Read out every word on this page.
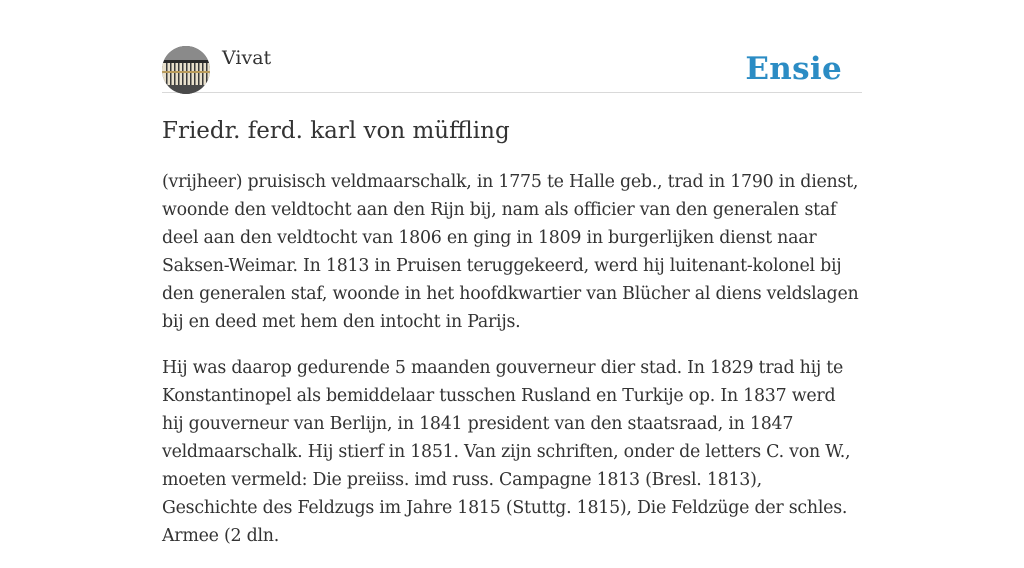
Vivat	Ensie
Friedr. ferd. karl von müffling

(vrijheer) pruisisch veldmaarschalk, in 1775 te Halle geb., trad in 1790 in dienst, woonde den veldtocht aan den Rijn bij, nam als officier van den generalen staf deel aan den veldtocht van 1806 en ging in 1809 in burgerlijken dienst naar Saksen-Weimar. In 1813 in Pruisen teruggekeerd, werd hij luitenant-kolonel bij den generalen staf, woonde in het hoofdkwartier van Blücher al diens veldslagen bij en deed met hem den intocht in Parijs.

Hij was daarop gedurende 5 maanden gouverneur dier stad. In 1829 trad hij te Konstantinopel als bemiddelaar tusschen Rusland en Turkije op. In 1837 werd hij gouverneur van Berlijn, in 1841 president van den staatsraad, in 1847 veldmaarschalk. Hij stierf in 1851. Van zijn schriften, onder de letters C. von W., moeten vermeld: Die preiiss. imd russ. Campagne 1813 (Bresl. 1813), Geschichte des Feldzugs im Jahre 1815 (Stuttg. 1815), Die Feldzüge der schles. Armee (2 dln.
